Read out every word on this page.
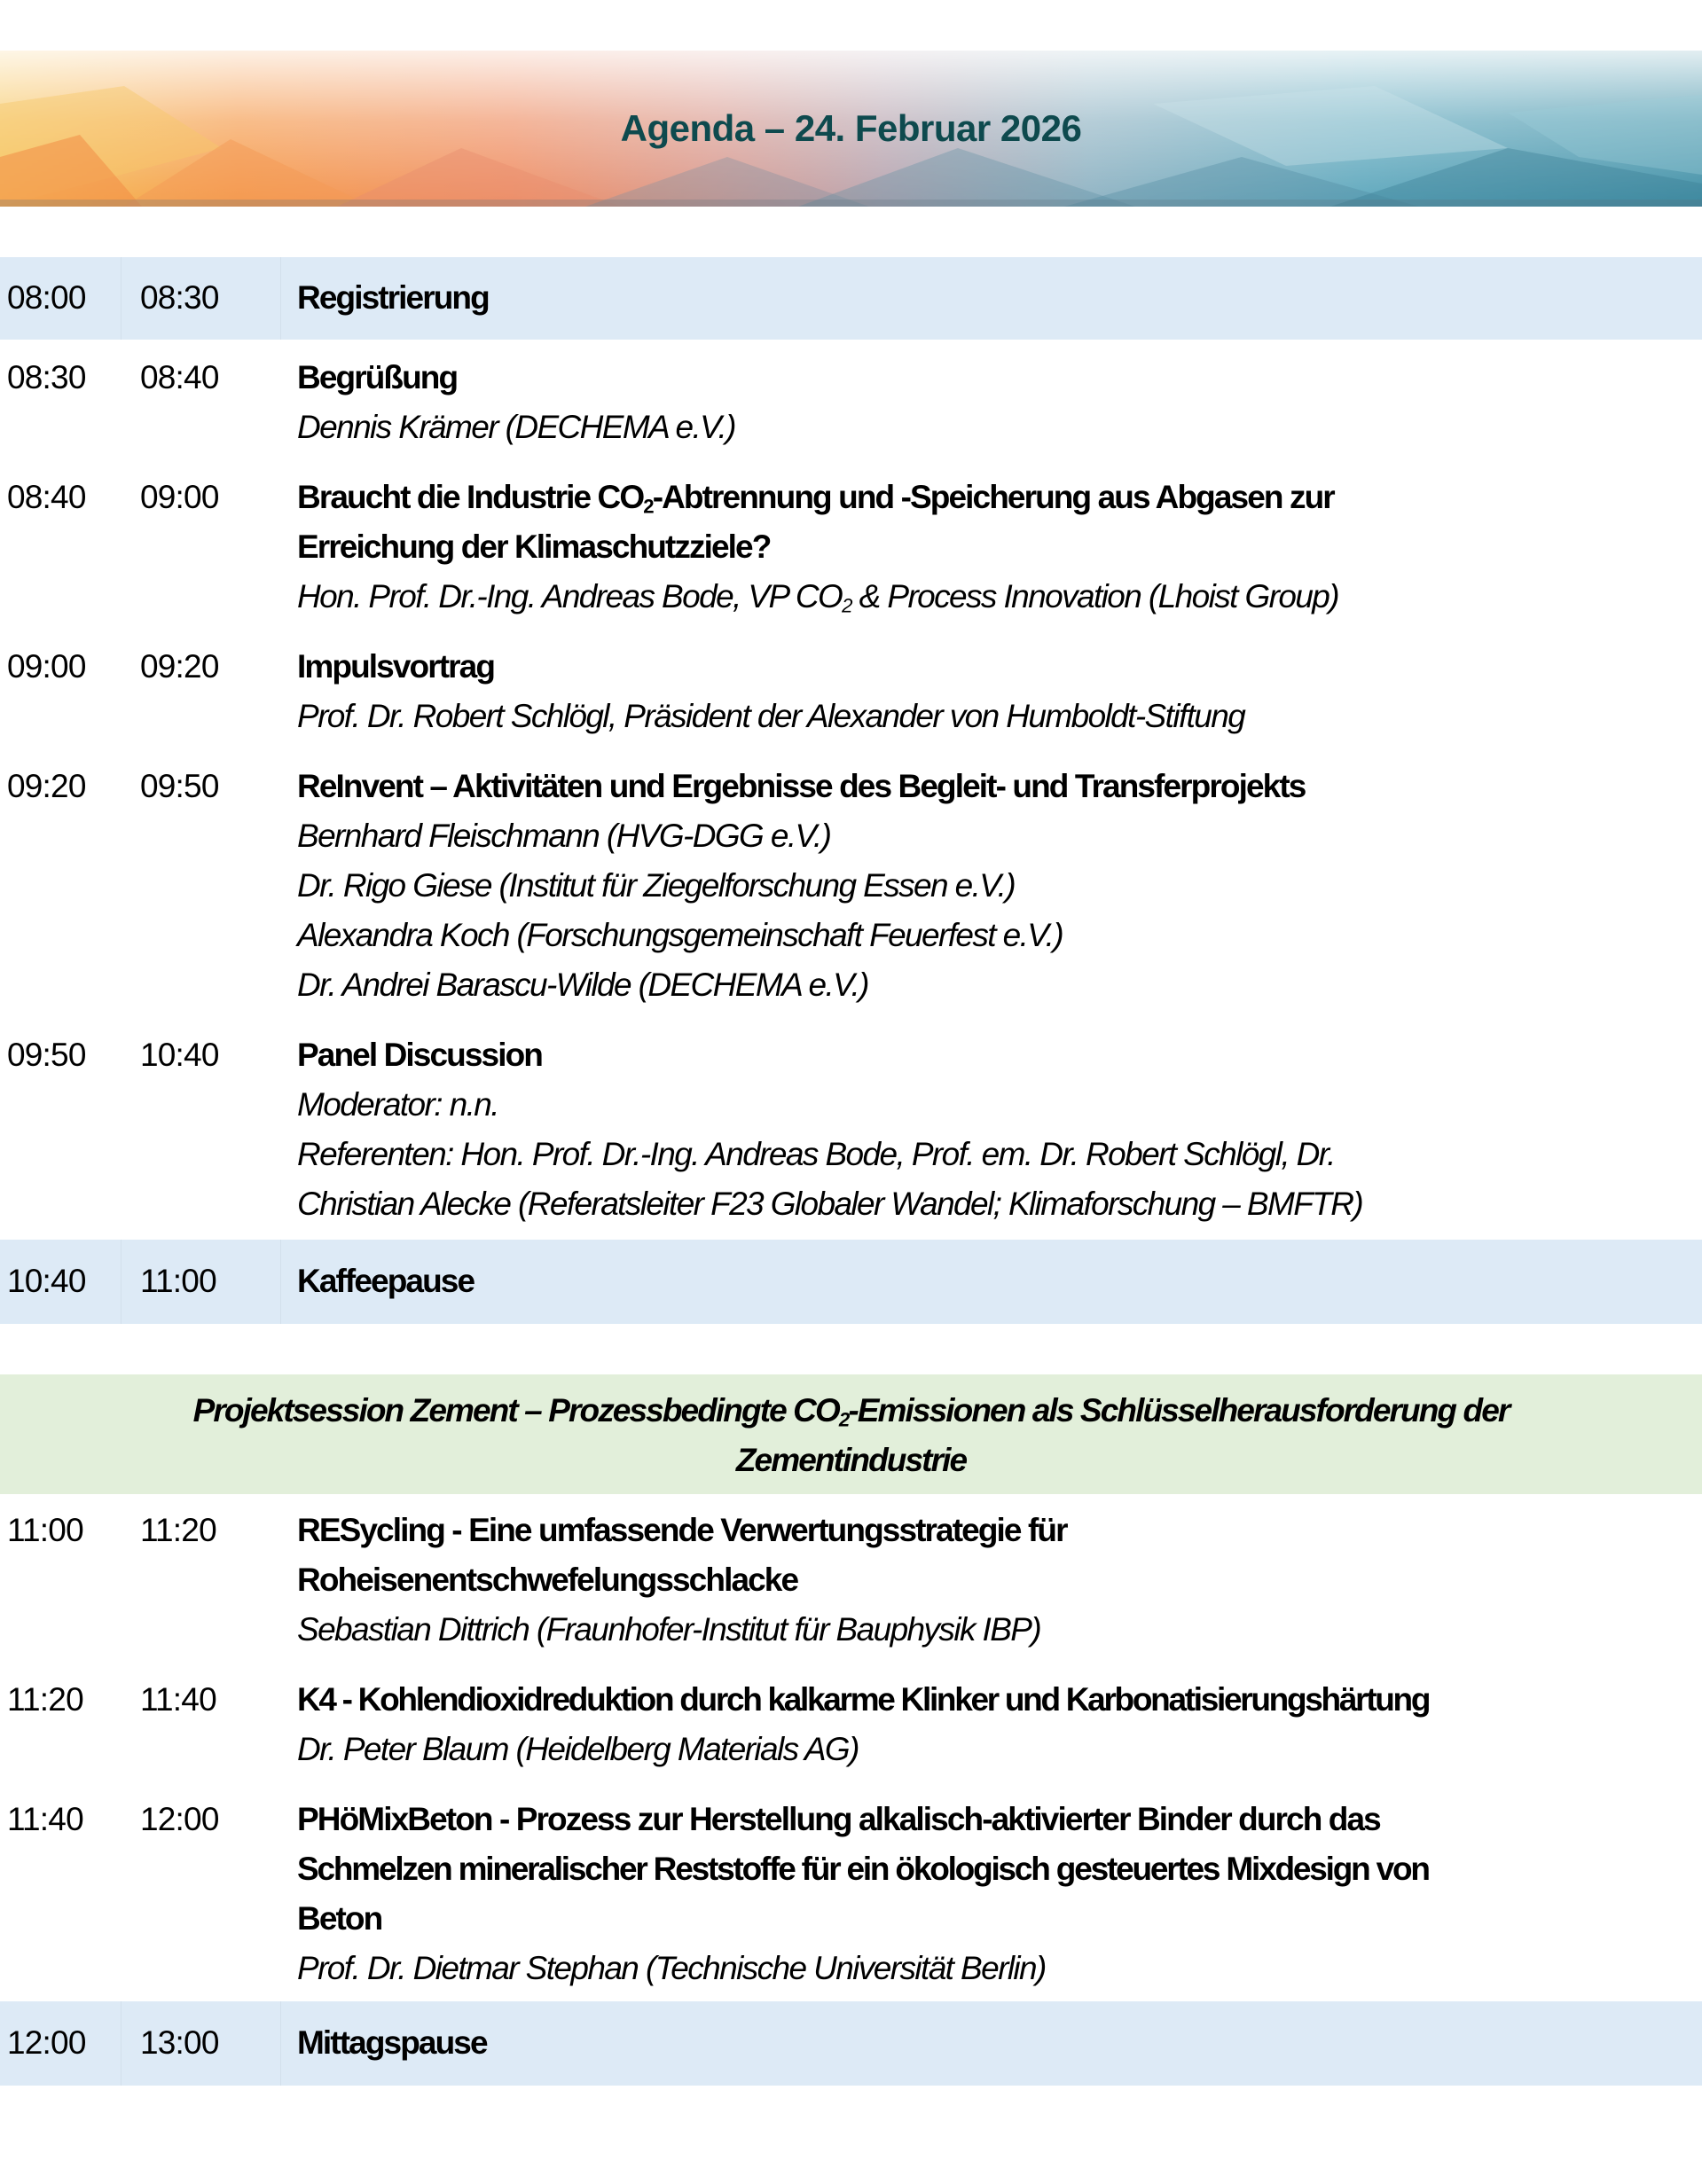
Agenda – 24. Februar 2026
08:00 08:30 Registrierung
08:30 08:40 Begrüßung
Dennis Krämer (DECHEMA e.V.)
08:40 09:00 Braucht die Industrie $CO_2$-Abtrennung und -Speicherung aus Abgasen zur
Erreichung der Klimaschutzziele?
Hon. Prof. Dr.-Ing. Andreas Bode, VP $CO_2$ & Process Innovation (Lhoist Group)
09:00 09:20 Impulsvortrag
Prof. Dr. Robert Schlögl, Präsident der Alexander von Humboldt-Stiftung
09:20 09:50 ReInvent – Aktivitäten und Ergebnisse des Begleit- und Transferprojekts
Bernhard Fleischmann (HVG-DGG e.V.)
Dr. Rigo Giese (Institut für Ziegelforschung Essen e.V.)
Alexandra Koch (Forschungsgemeinschaft Feuerfest e.V.)
Dr. Andrei Barascu-Wilde (DECHEMA e.V.)
09:50 10:40 Panel Discussion
Moderator: n.n.
Referenten: Hon. Prof. Dr.-Ing. Andreas Bode, Prof. em. Dr. Robert Schlögl, Dr.
Christian Alecke (Referatsleiter F23 Globaler Wandel; Klimaforschung – BMFTR)
10:40 11:00 Kaffeepause
Projektsession Zement – Prozessbedingte $CO_2$-Emissionen als Schlüsselherausforderung der
Zementindustrie
11:00 11:20 RESycling - Eine umfassende Verwertungsstrategie für
Roheisenentschwefelungsschlacke
Sebastian Dittrich (Fraunhofer-Institut für Bauphysik IBP)
11:20 11:40 K4 - Kohlendioxidreduktion durch kalkarme Klinker und Karbonatisierungshärtung
Dr. Peter Blaum (Heidelberg Materials AG)
11:40 12:00 PHöMixBeton - Prozess zur Herstellung alkalisch-aktivierter Binder durch das
Schmelzen mineralischer Reststoffe für ein ökologisch gesteuertes Mixdesign von
Beton
Prof. Dr. Dietmar Stephan (Technische Universität Berlin)
12:00 13:00 Mittagspause
